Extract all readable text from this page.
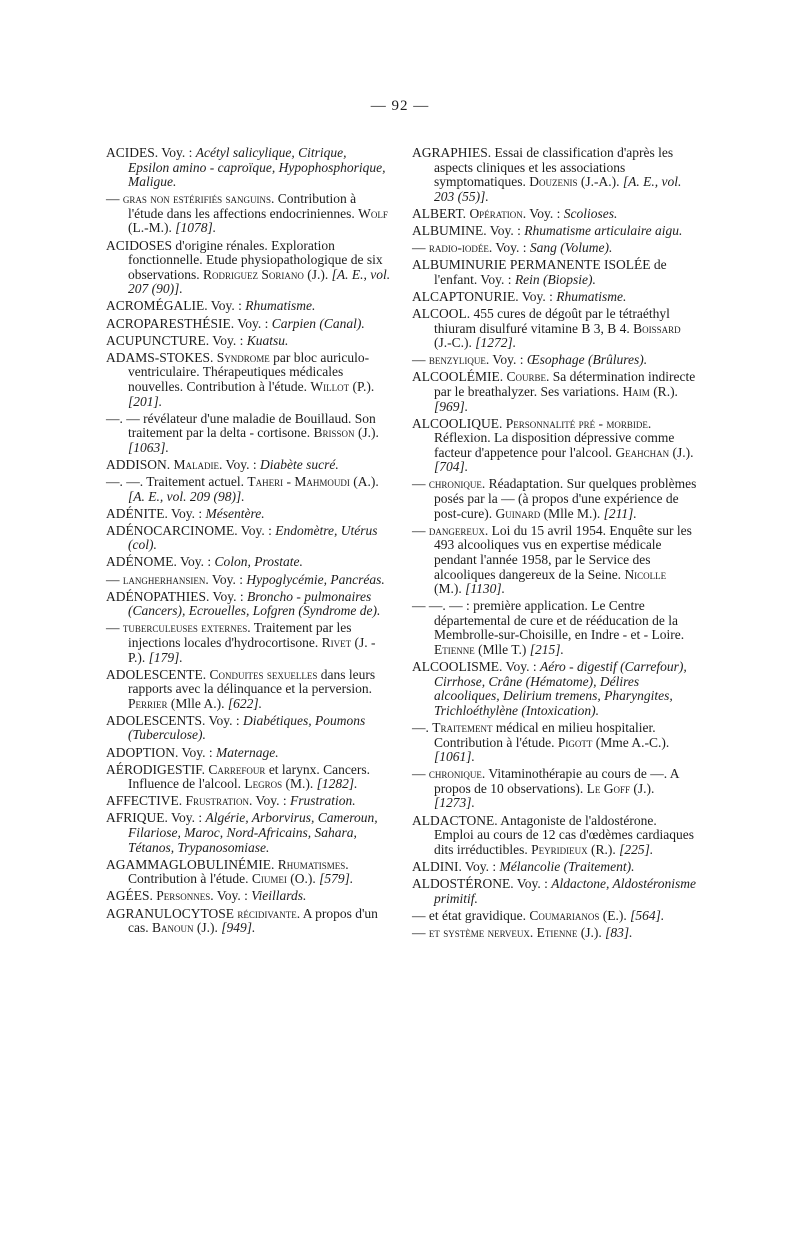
— 92 —

ACIDES. Voy. : Acétyl salicylique, Citrique, Epsilon amino - caproïque, Hypophosphorique, Maligue.

— gras non estérifiés sanguins. Contribution à l'étude dans les affections endocriniennes. Wolf (L.-M.). [1078].

ACIDOSES d'origine rénales. Exploration fonctionnelle. Etude physiopathologique de six observations. Rodriguez Soriano (J.). [A. E., vol. 207 (90)].

ACROMÉGALIE. Voy. : Rhumatisme.

ACROPARESTHÉSIE. Voy. : Carpien (Canal).

ACUPUNCTURE. Voy. : Kuatsu.

ADAMS-STOKES. Syndrome par bloc auriculo-ventriculaire. Thérapeutiques médicales nouvelles. Contribution à l'étude. Willot (P.). [201].

—. — révélateur d'une maladie de Bouillaud. Son traitement par la delta - cortisone. Brisson (J.). [1063].

ADDISON. Maladie. Voy. : Diabète sucré.

—. —. Traitement actuel. Taheri - Mahmoudi (A.). [A. E., vol. 209 (98)].

ADÉNITE. Voy. : Mésentère.

ADÉNOCARCINOME. Voy. : Endomètre, Utérus (col).

ADÉNOME. Voy. : Colon, Prostate.

— langherhansien. Voy. : Hypoglycémie, Pancréas.

ADÉNOPATHIES. Voy. : Broncho - pulmonaires (Cancers), Ecrouelles, Lofgren (Syndrome de).

— tuberculeuses externes. Traitement par les injections locales d'hydrocortisone. Rivet (J. - P.). [179].

ADOLESCENTE. Conduites sexuelles dans leurs rapports avec la délinquance et la perversion. Perrier (Mlle A.). [622].

ADOLESCENTS. Voy. : Diabétiques, Poumons (Tuberculose).

ADOPTION. Voy. : Maternage.

AÉRODIGESTIF. Carrefour et larynx. Cancers. Influence de l'alcool. Legros (M.). [1282].

AFFECTIVE. Frustration. Voy. : Frustration.

AFRIQUE. Voy. : Algérie, Arborvirus, Cameroun, Filariose, Maroc, Nord-Africains, Sahara, Tétanos, Trypanosomiase.

AGAMMAGLOBULINÉMIE. Rhumatismes. Contribution à l'étude. Ciumei (O.). [579].

AGÉES. Personnes. Voy. : Vieillards.

AGRANULOCYTOSE récidivante. A propos d'un cas. Banoun (J.). [949].

AGRAPHIES. Essai de classification d'après les aspects cliniques et les associations symptomatiques. Douzenis (J.-A.). [A. E., vol. 203 (55)].

ALBERT. Opération. Voy. : Scolioses.

ALBUMINE. Voy. : Rhumatisme articulaire aigu.

— radio-iodée. Voy. : Sang (Volume).

ALBUMINURIE PERMANENTE ISOLÉE de l'enfant. Voy. : Rein (Biopsie).

ALCAPTONURIE. Voy. : Rhumatisme.

ALCOOL. 455 cures de dégoût par le tétraéthyl thiuram disulfuré vitamine B 3, B 4. Boissard (J.-C.). [1272].

— benzylique. Voy. : Œsophage (Brûlures).

ALCOOLÉMIE. Courbe. Sa détermination indirecte par le breathalyzer. Ses variations. Haim (R.). [969].

ALCOOLIQUE. Personnalité pré - morbide. Réflexion. La disposition dépressive comme facteur d'appetence pour l'alcool. Geahchan (J.). [704].

— chronique. Réadaptation. Sur quelques problèmes posés par la — (à propos d'une expérience de post-cure). Guinard (Mlle M.). [211].

— dangereux. Loi du 15 avril 1954. Enquête sur les 493 alcooliques vus en expertise médicale pendant l'année 1958, par le Service des alcooliques dangereux de la Seine. Nicolle (M.). [1130].

— —. — : première application. Le Centre départemental de cure et de rééducation de la Membrolle-sur-Choisille, en Indre - et - Loire. Etienne (Mlle T.) [215].

ALCOOLISME. Voy. : Aéro - digestif (Carrefour), Cirrhose, Crâne (Hématome), Délires alcooliques, Delirium tremens, Pharyngites, Trichloéthylène (Intoxication).

—. Traitement médical en milieu hospitalier. Contribution à l'étude. Pigott (Mme A.-C.). [1061].

— chronique. Vitaminothérapie au cours de —. A propos de 10 observations). Le Goff (J.). [1273].

ALDACTONE. Antagoniste de l'aldostérone. Emploi au cours de 12 cas d'œdèmes cardiaques dits irréductibles. Peyridieux (R.). [225].

ALDINI. Voy. : Mélancolie (Traitement).

ALDOSTÉRONE. Voy. : Aldactone, Aldostéronisme primitif.

— et état gravidique. Coumarianos (E.). [564].

— et système nerveux. Etienne (J.). [83].
